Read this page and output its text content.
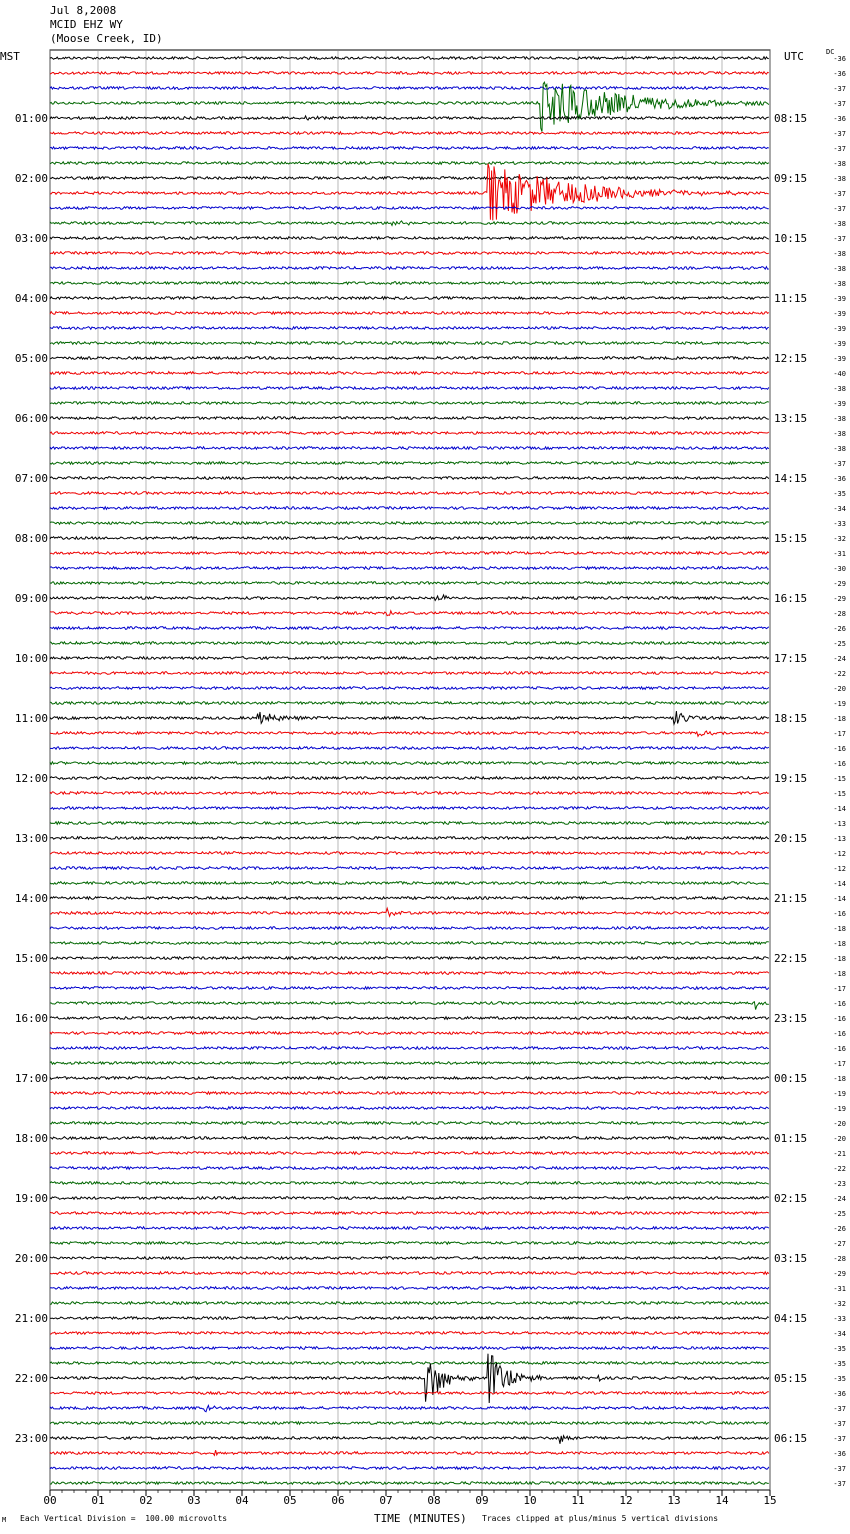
00	01	02	03	04	05	06	07	08	09	10	11	12	13	14	15
-36
-36
-37
-37
-36
-37
-37
-38
-38
-37
-37
-38
-37
-38
-38
-38
-39
-39
-39
-39
-39
-40
-38
-39
-38
-38
-38
-37
-36
-35
-34
-33
-32
-31
-30
-29
-29
-28
-26
-25
-24
-22
-20
-19
-18
-17
-16
-16
-15
-15
-14
-13
-13
-12
-12
-14
-14
-16
-18
-18
-18
-18
-17
-16
-16
-16
-16
-17
-18
-19
-19
-20
-20
-21
-22
-23
-24
-25
-26
-27
-28
-29
-31
-32
-33
-34
-35
-35
-35
-36
-37
-37
-37
-36
-37
-37
01:00
02:00
03:00
04:00
05:00
06:00
07:00
08:00
09:00
10:00
11:00
12:00
13:00
14:00
15:00
16:00
17:00
18:00
19:00
20:00
21:00
22:00
23:00
08:15
09:15
10:15
11:15
12:15
13:15
14:15
15:15
16:15
17:15
18:15
19:15
20:15
21:15
22:15
23:15
00:15
01:15
02:15
03:15
04:15
05:15
06:15
Jul 8,2008
MCID EHZ WY
(Moose Creek, ID)
MST	UTC	DC
M Each Vertical Division =  100.00 microvolts	TIME (MINUTES) Traces clipped at plus/minus 5 vertical divisions
